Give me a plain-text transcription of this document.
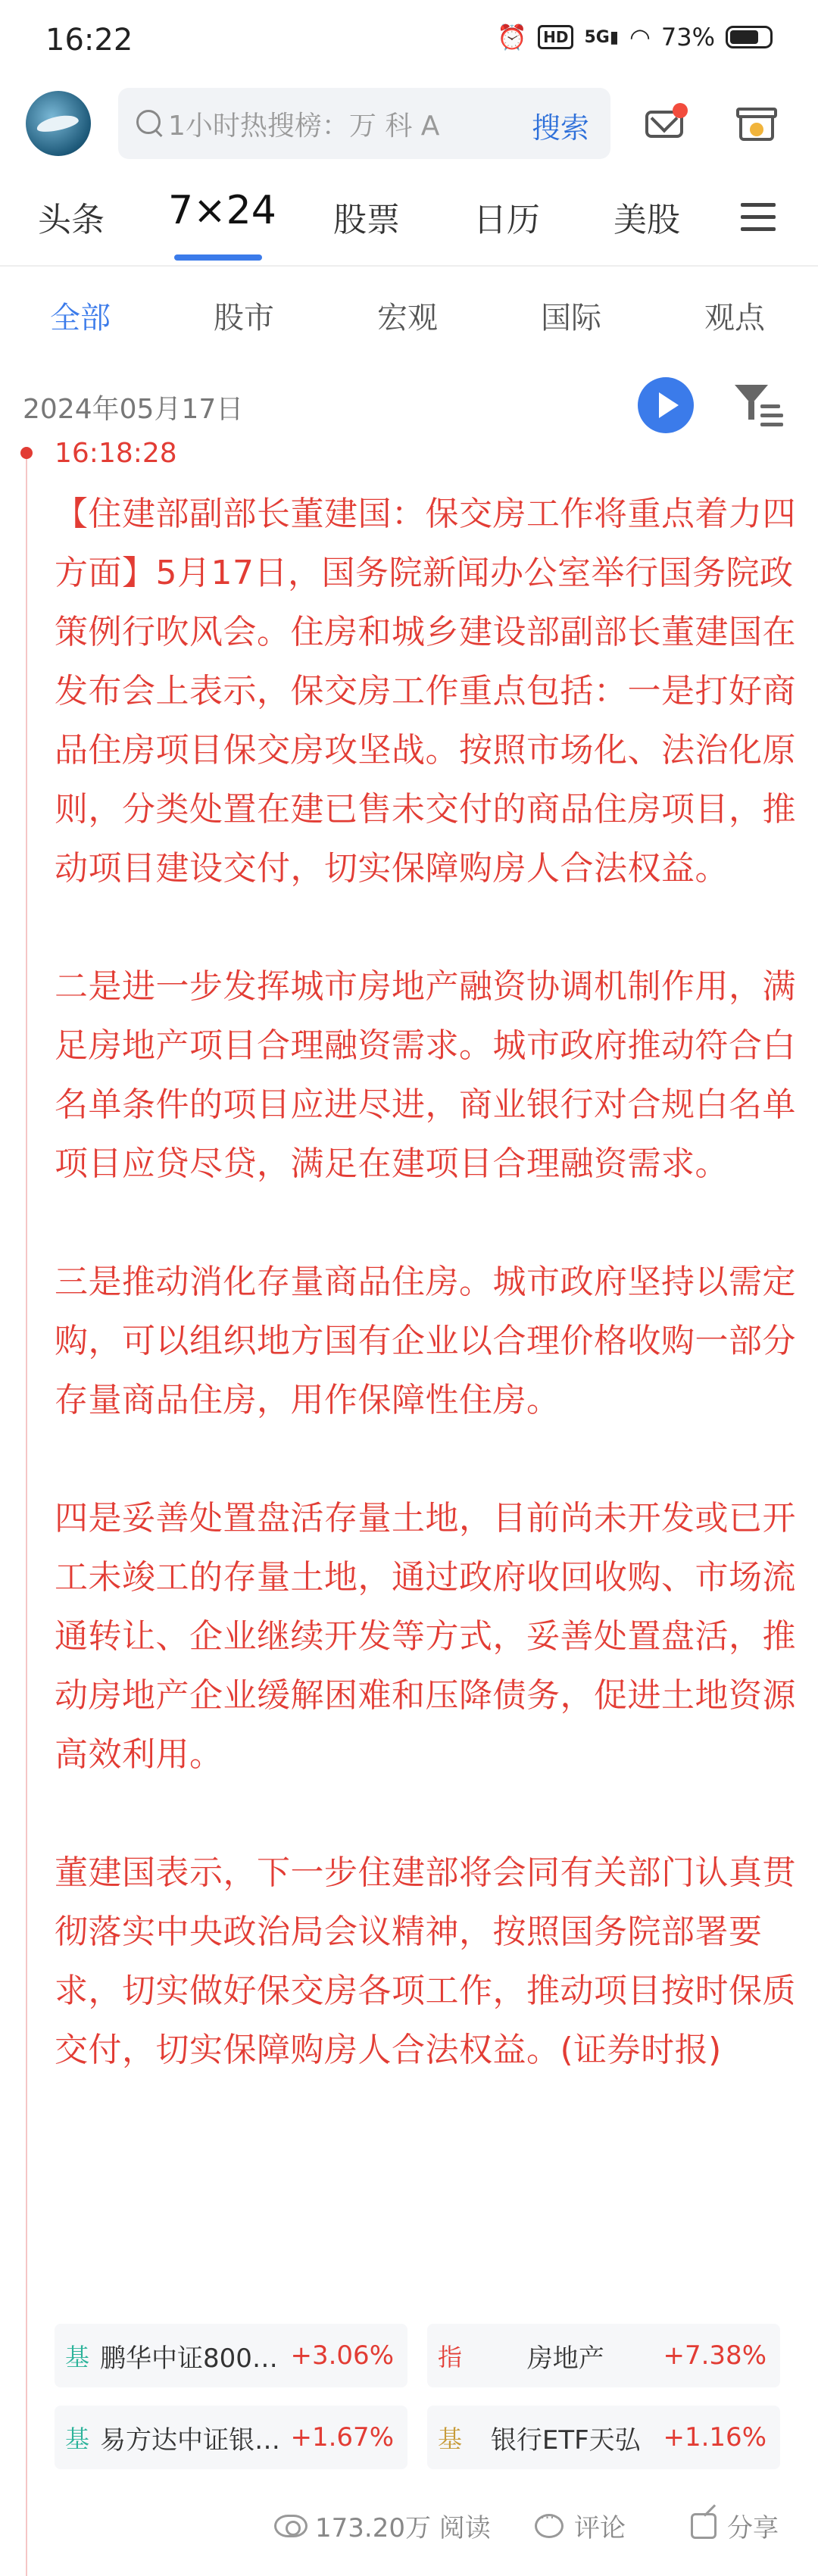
16:22	⏰	HD 5G ▮ ◠ 73%
1小时热搜榜：万 科 A	搜索
头条 7×24 股票 日历 美股
全部	股市	宏观	国际	观点
2024年05月17日
16:18:28

【住建部副部长董建国：保交房工作将重点着力四方面】5月17日，国务院新闻办公室举行国务院政策例行吹风会。住房和城乡建设部副部长董建国在发布会上表示，保交房工作重点包括：一是打好商品住房项目保交房攻坚战。按照市场化、法治化原则，分类处置在建已售未交付的商品住房项目，推动项目建设交付，切实保障购房人合法权益。

二是进一步发挥城市房地产融资协调机制作用，满足房地产项目合理融资需求。城市政府推动符合白名单条件的项目应进尽进，商业银行对合规白名单项目应贷尽贷，满足在建项目合理融资需求。

三是推动消化存量商品住房。城市政府坚持以需定购，可以组织地方国有企业以合理价格收购一部分存量商品住房，用作保障性住房。

四是妥善处置盘活存量土地，目前尚未开发或已开工未竣工的存量土地，通过政府收回收购、市场流通转让、企业继续开发等方式，妥善处置盘活，推动房地产企业缓解困难和压降债务，促进土地资源高效利用。

董建国表示，下一步住建部将会同有关部门认真贯彻落实中央政治局会议精神，按照国务院部署要求，切实做好保交房各项工作，推动项目按时保质交付，切实保障购房人合法权益。(证券时报)

基 鹏华中证800… +3.06%	指	房地产	+7.38%
基 易方达中证银… +1.67%	基	银行ETF天弘 +1.16%
173.20万 阅读
···	评论	分享
